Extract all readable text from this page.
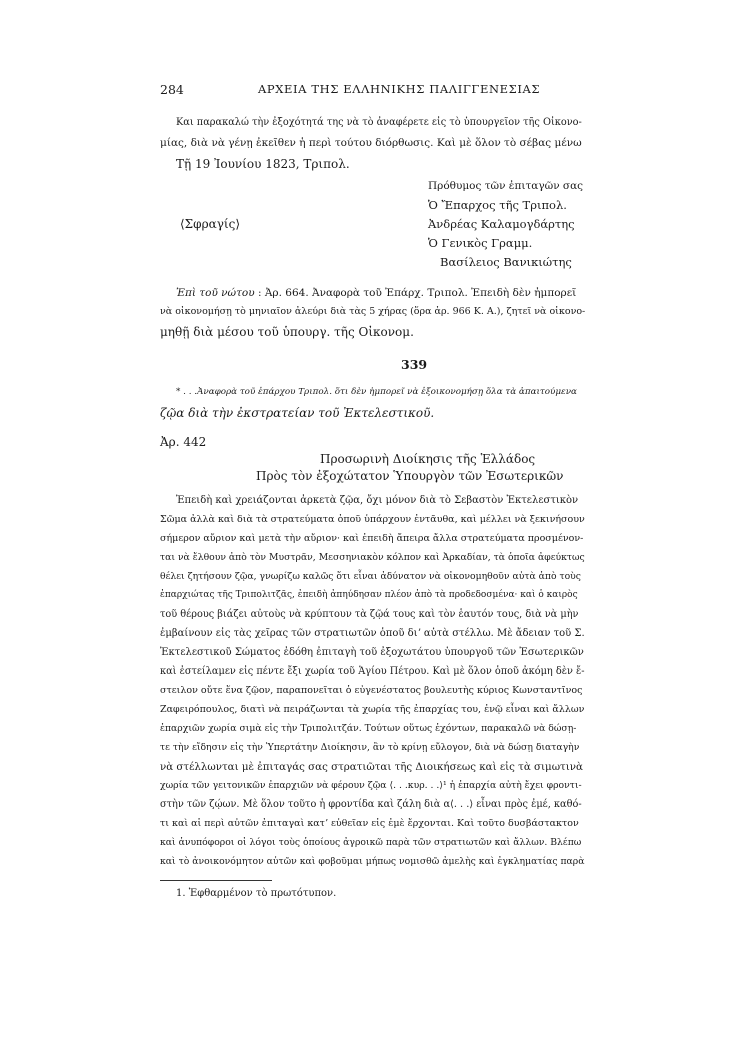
284	ΑΡΧΕΙΑ ΤΗΣ ΕΛΛΗΝΙΚΗΣ ΠΑΛΙΓΓΕΝΕΣΙΑΣ
Και παρακαλώ τὴν ἐξοχότητά της νὰ τὸ ἀναφέρετε εἰς τὸ ὑπουργεῖον τῆς Οἰκονο-
μίας, διὰ νὰ γένῃ ἐκεῖθεν ἡ περὶ τούτου διόρθωσις. Καὶ μὲ ὅλον τὸ σέβας μένω
Τῇ 19 Ἰουνίου 1823, Τριπολ.
Πρόθυμος τῶν ἐπιταγῶν σας
Ὁ Ἔπαρχος τῆς Τριπολ.
⟨Σφραγίς⟩	Ἀνδρέας Καλαμογδάρτης
Ὁ Γενικὸς Γραμμ.
Βασίλειος Βανικιώτης
Ἐπὶ τοῦ νώτου : Ἀρ. 664. Ἀναφορὰ τοῦ Ἐπάρχ. Τριπολ. Ἐπειδὴ δὲν ἠμπορεῖ
νὰ οἰκονομήσῃ τὸ μηνιαῖον ἀλεύρι διὰ τὰς 5 χήρας (ὅρα ἀρ. 966 Κ. Α.), ζητεῖ νὰ οἰκονο-
μηθῇ διὰ μέσου τοῦ ὑπουργ. τῆς Οἰκονομ.
339
* . . .Ἀναφορὰ τοῦ ἐπάρχου Τριπολ. ὅτι δὲν ἠμπορεῖ νὰ ἐξοικονομήσῃ ὅλα τὰ ἀπαιτούμενα
ζῷα διὰ τὴν ἐκστρατείαν τοῦ Ἐκτελεστικοῦ.
Ἀρ. 442
Προσωρινὴ Διοίκησις τῆς Ἑλλάδος
Πρὸς τὸν ἐξοχώτατον Ὑπουργὸν τῶν Ἐσωτερικῶν
Ἐπειδὴ καὶ χρειάζονται ἀρκετὰ ζῷα, ὄχι μόνον διὰ τὸ Σεβαστὸν Ἐκτελεστικὸν
Σῶμα ἀλλὰ καὶ διὰ τὰ στρατεύματα ὁποῦ ὑπάρχουν ἐντᾶυθα, καὶ μέλλει νὰ ξεκινήσουν
σήμερον αὔριον καὶ μετὰ τὴν αὔριον· καὶ ἐπειδὴ ἄπειρα ἄλλα στρατεύματα προσμένον-
ται νὰ ἔλθουν ἀπὸ τὸν Μυστρᾶν, Μεσσηνιακὸν κόλπον καὶ Ἀρκαδίαν, τὰ ὁποῖα ἀφεύκτως
θέλει ζητήσουν ζῷα, γνωρίζω καλῶς ὅτι εἶναι ἀδύνατον νὰ οἰκονομηθοῦν αὐτὰ ἀπὸ τοὺς
ἐπαρχιώτας τῆς Τριπολιτζᾶς, ἐπειδὴ ἀπηύδησαν πλέον ἀπὸ τὰ προδεδοσμένα· καὶ ὁ καιρὸς
τοῦ θέρους βιάζει αὐτοὺς νὰ κρύπτουν τὰ ζῷά τους καὶ τὸν ἑαυτόν τους, διὰ νὰ μὴν
ἐμβαίνουν εἰς τὰς χεῖρας τῶν στρατιωτῶν ὁποῦ διʼ αὐτὰ στέλλω. Μὲ ἄδειαν τοῦ Σ.
Ἐκτελεστικοῦ Σώματος ἐδόθη ἐπιταγὴ τοῦ ἐξοχωτάτου ὑπουργοῦ τῶν Ἐσωτερικῶν
καὶ ἐστείλαμεν εἰς πέντε ἔξι χωρία τοῦ Ἁγίου Πέτρου. Καὶ μὲ ὅλον ὁποῦ ἀκόμη δὲν ἔ-
στειλον οὔτε ἕνα ζῷον, παραπονεῖται ὁ εὐγενέστατος βουλευτὴς κύριος Κωνσταντῖνος
Ζαφειρόπουλος, διατὶ νὰ πειράζωνται τὰ χωρία τῆς ἐπαρχίας του, ἐνῷ εἶναι καὶ ἄλλων
ἐπαρχιῶν χωρία σιμὰ εἰς τὴν Τριπολιτζάν. Τούτων οὕτως ἐχόντων, παρακαλῶ νὰ δώσῃ-
τε τὴν εἴδησιν εἰς τὴν Ὑπερτάτην Διοίκησιν, ἂν τὸ κρίνῃ εὔλογον, διὰ νὰ δώσῃ διαταγὴν
νὰ στέλλωνται μὲ ἐπιταγάς σας στρατιῶται τῆς Διοικήσεως καὶ εἰς τὰ σιμωτινὰ
χωρία τῶν γειτονικῶν ἐπαρχιῶν νὰ φέρουν ζῷα ⟨. . .κυρ. . .⟩¹ ἡ ἐπαρχία αὐτὴ ἔχει φροντι-
στὴν τῶν ζῴων. Μὲ ὅλον τοῦτο ἡ φροντίδα καὶ ζάλη διὰ α⟨. . .⟩ εἶναι πρὸς ἐμέ, καθό-
τι καὶ αἱ περὶ αὐτῶν ἐπιταγαὶ κατʼ εὐθεῖαν εἰς ἐμὲ ἔρχονται. Καὶ τοῦτο δυσβάστακτον
καὶ ἀνυπόφοροι οἱ λόγοι τοὺς ὁποίους ἀγροικῶ παρὰ τῶν στρατιωτῶν καὶ ἄλλων. Βλέπω
καὶ τὸ ἀνοικονόμητον αὐτῶν καὶ φοβοῦμαι μήπως νομισθῶ ἀμελὴς καὶ ἐγκληματίας παρὰ
1. Ἐφθαρμένον τὸ πρωτότυπον.
